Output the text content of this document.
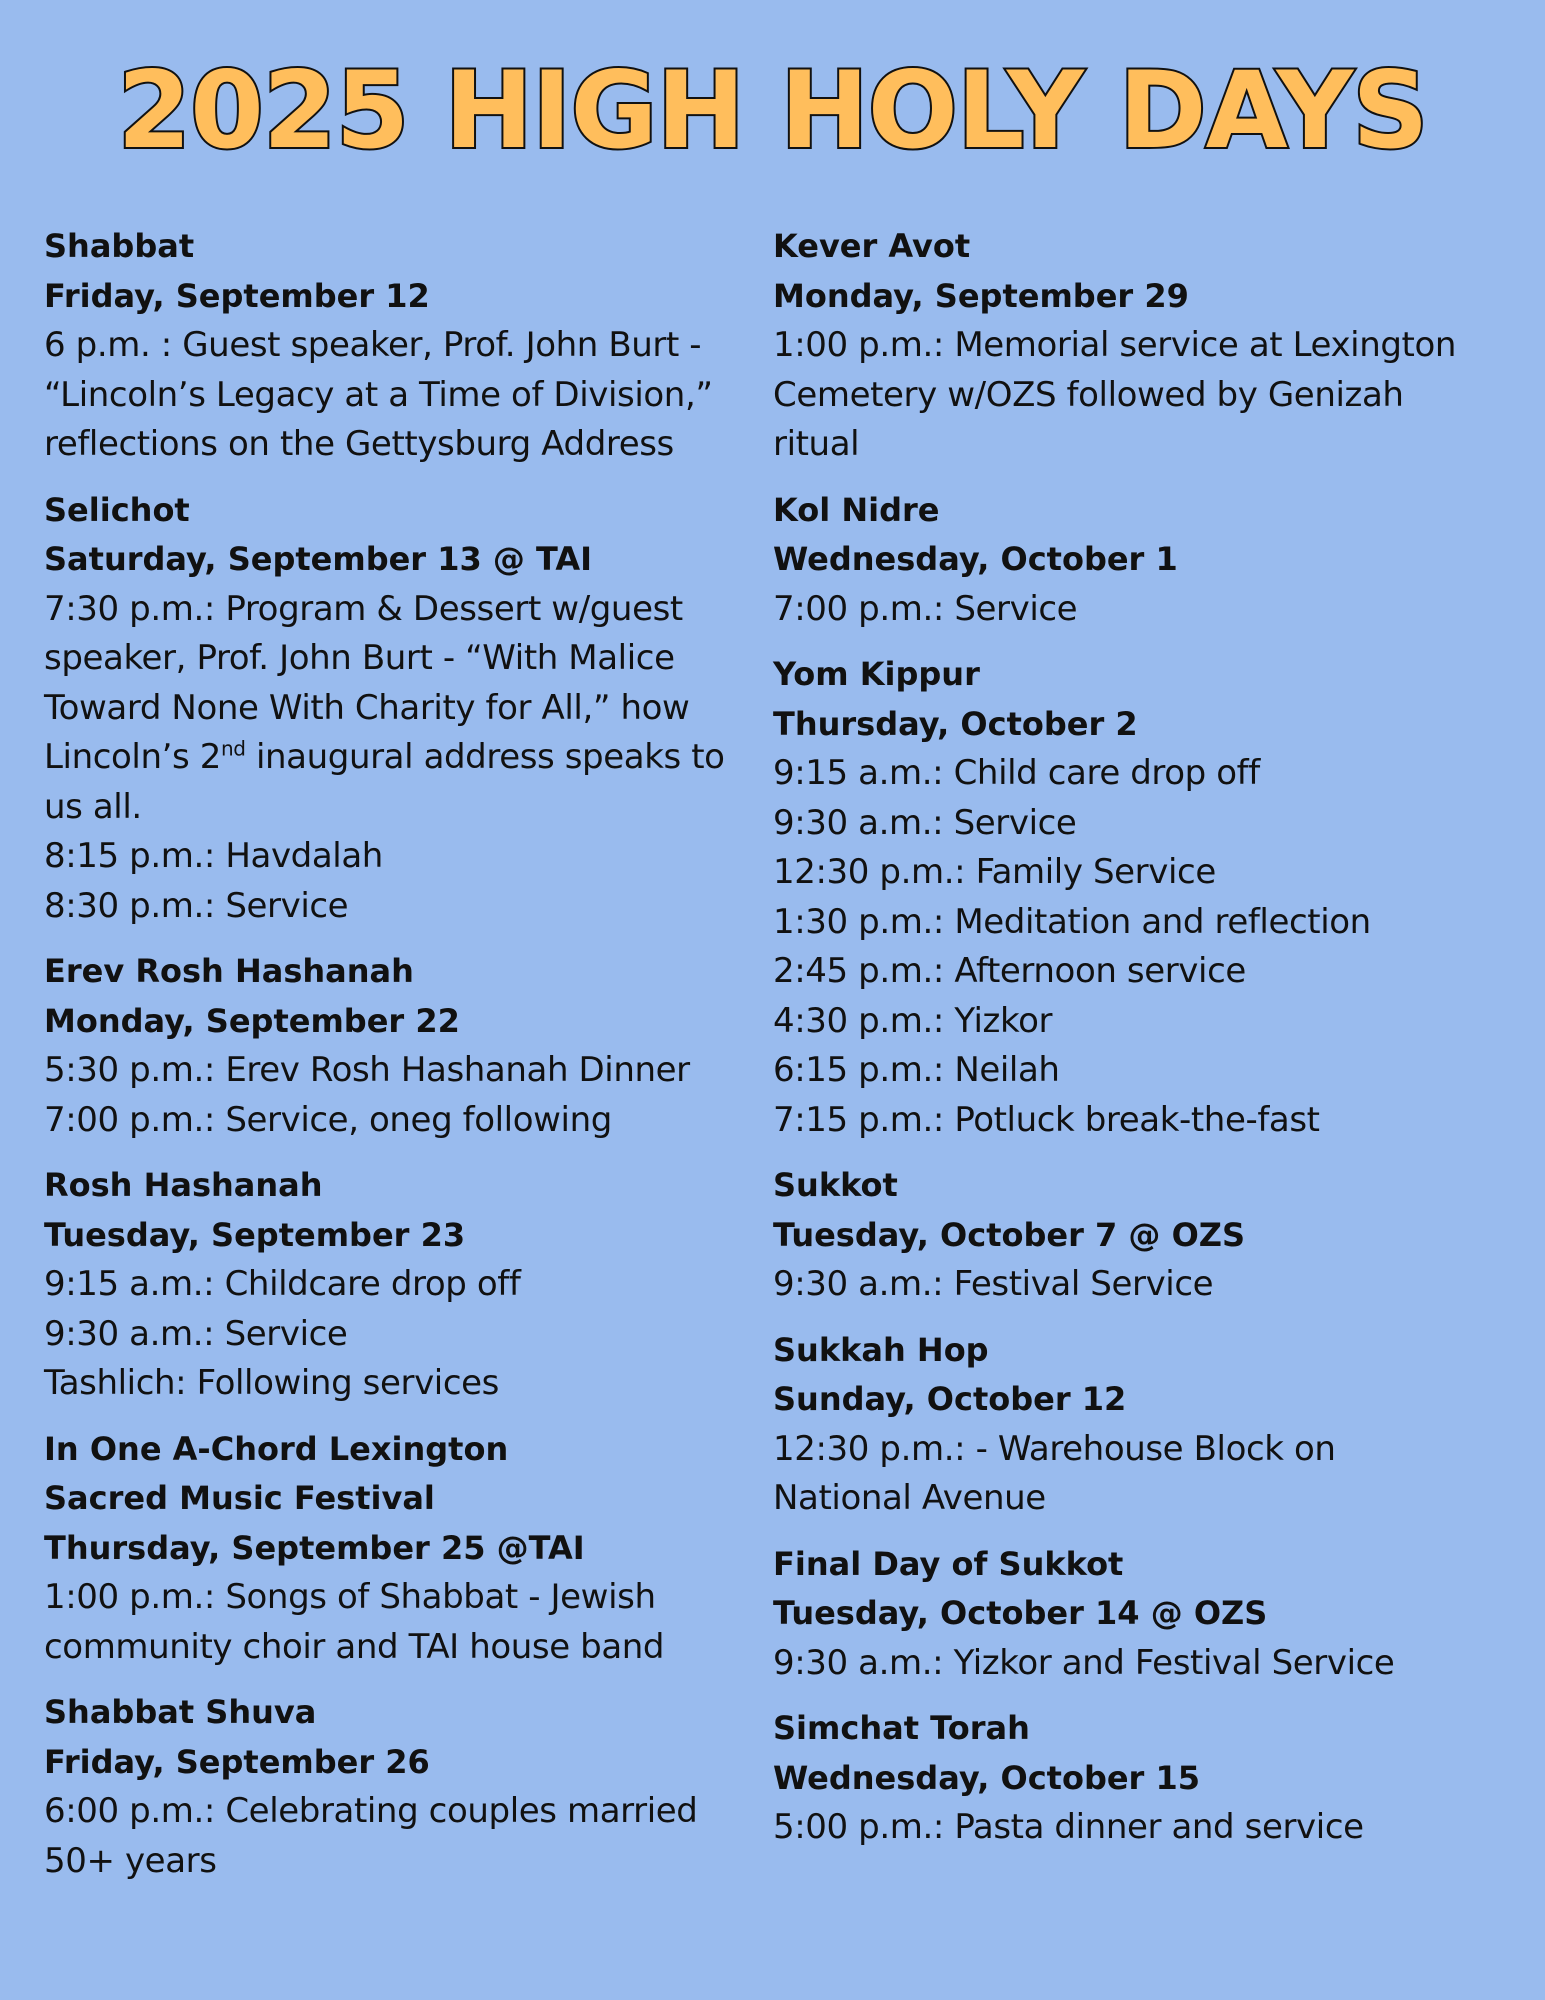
2025 HIGH HOLY DAYS
Shabbat
Friday, September 12
6 p.m. : Guest speaker, Prof. John Burt -
“Lincoln’s Legacy at a Time of Division,”
reflections on the Gettysburg Address
Selichot
Saturday, September 13 @ TAI
7:30 p.m.: Program & Dessert w/guest
speaker, Prof. John Burt - “With Malice
Toward None With Charity for All,” how
Lincoln’s 2nd inaugural address speaks to
us all.
8:15 p.m.: Havdalah
8:30 p.m.: Service
Erev Rosh Hashanah
Monday, September 22
5:30 p.m.: Erev Rosh Hashanah Dinner
7:00 p.m.: Service, oneg following
Rosh Hashanah
Tuesday, September 23
9:15 a.m.: Childcare drop off
9:30 a.m.: Service
Tashlich: Following services
In One A-Chord Lexington
Sacred Music Festival
Thursday, September 25 @TAI
1:00 p.m.: Songs of Shabbat - Jewish
community choir and TAI house band
Shabbat Shuva
Friday, September 26
6:00 p.m.: Celebrating couples married
50+ years
Kever Avot
Monday, September 29
1:00 p.m.: Memorial service at Lexington
Cemetery w/OZS followed by Genizah
ritual
Kol Nidre
Wednesday, October 1
7:00 p.m.: Service
Yom Kippur
Thursday, October 2
9:15 a.m.: Child care drop off
9:30 a.m.: Service
12:30 p.m.: Family Service
1:30 p.m.: Meditation and reflection
2:45 p.m.: Afternoon service
4:30 p.m.: Yizkor
6:15 p.m.: Neilah
7:15 p.m.: Potluck break-the-fast
Sukkot
Tuesday, October 7 @ OZS
9:30 a.m.: Festival Service
Sukkah Hop
Sunday, October 12
12:30 p.m.: - Warehouse Block on
National Avenue
Final Day of Sukkot
Tuesday, October 14 @ OZS
9:30 a.m.: Yizkor and Festival Service
Simchat Torah
Wednesday, October 15
5:00 p.m.: Pasta dinner and service
